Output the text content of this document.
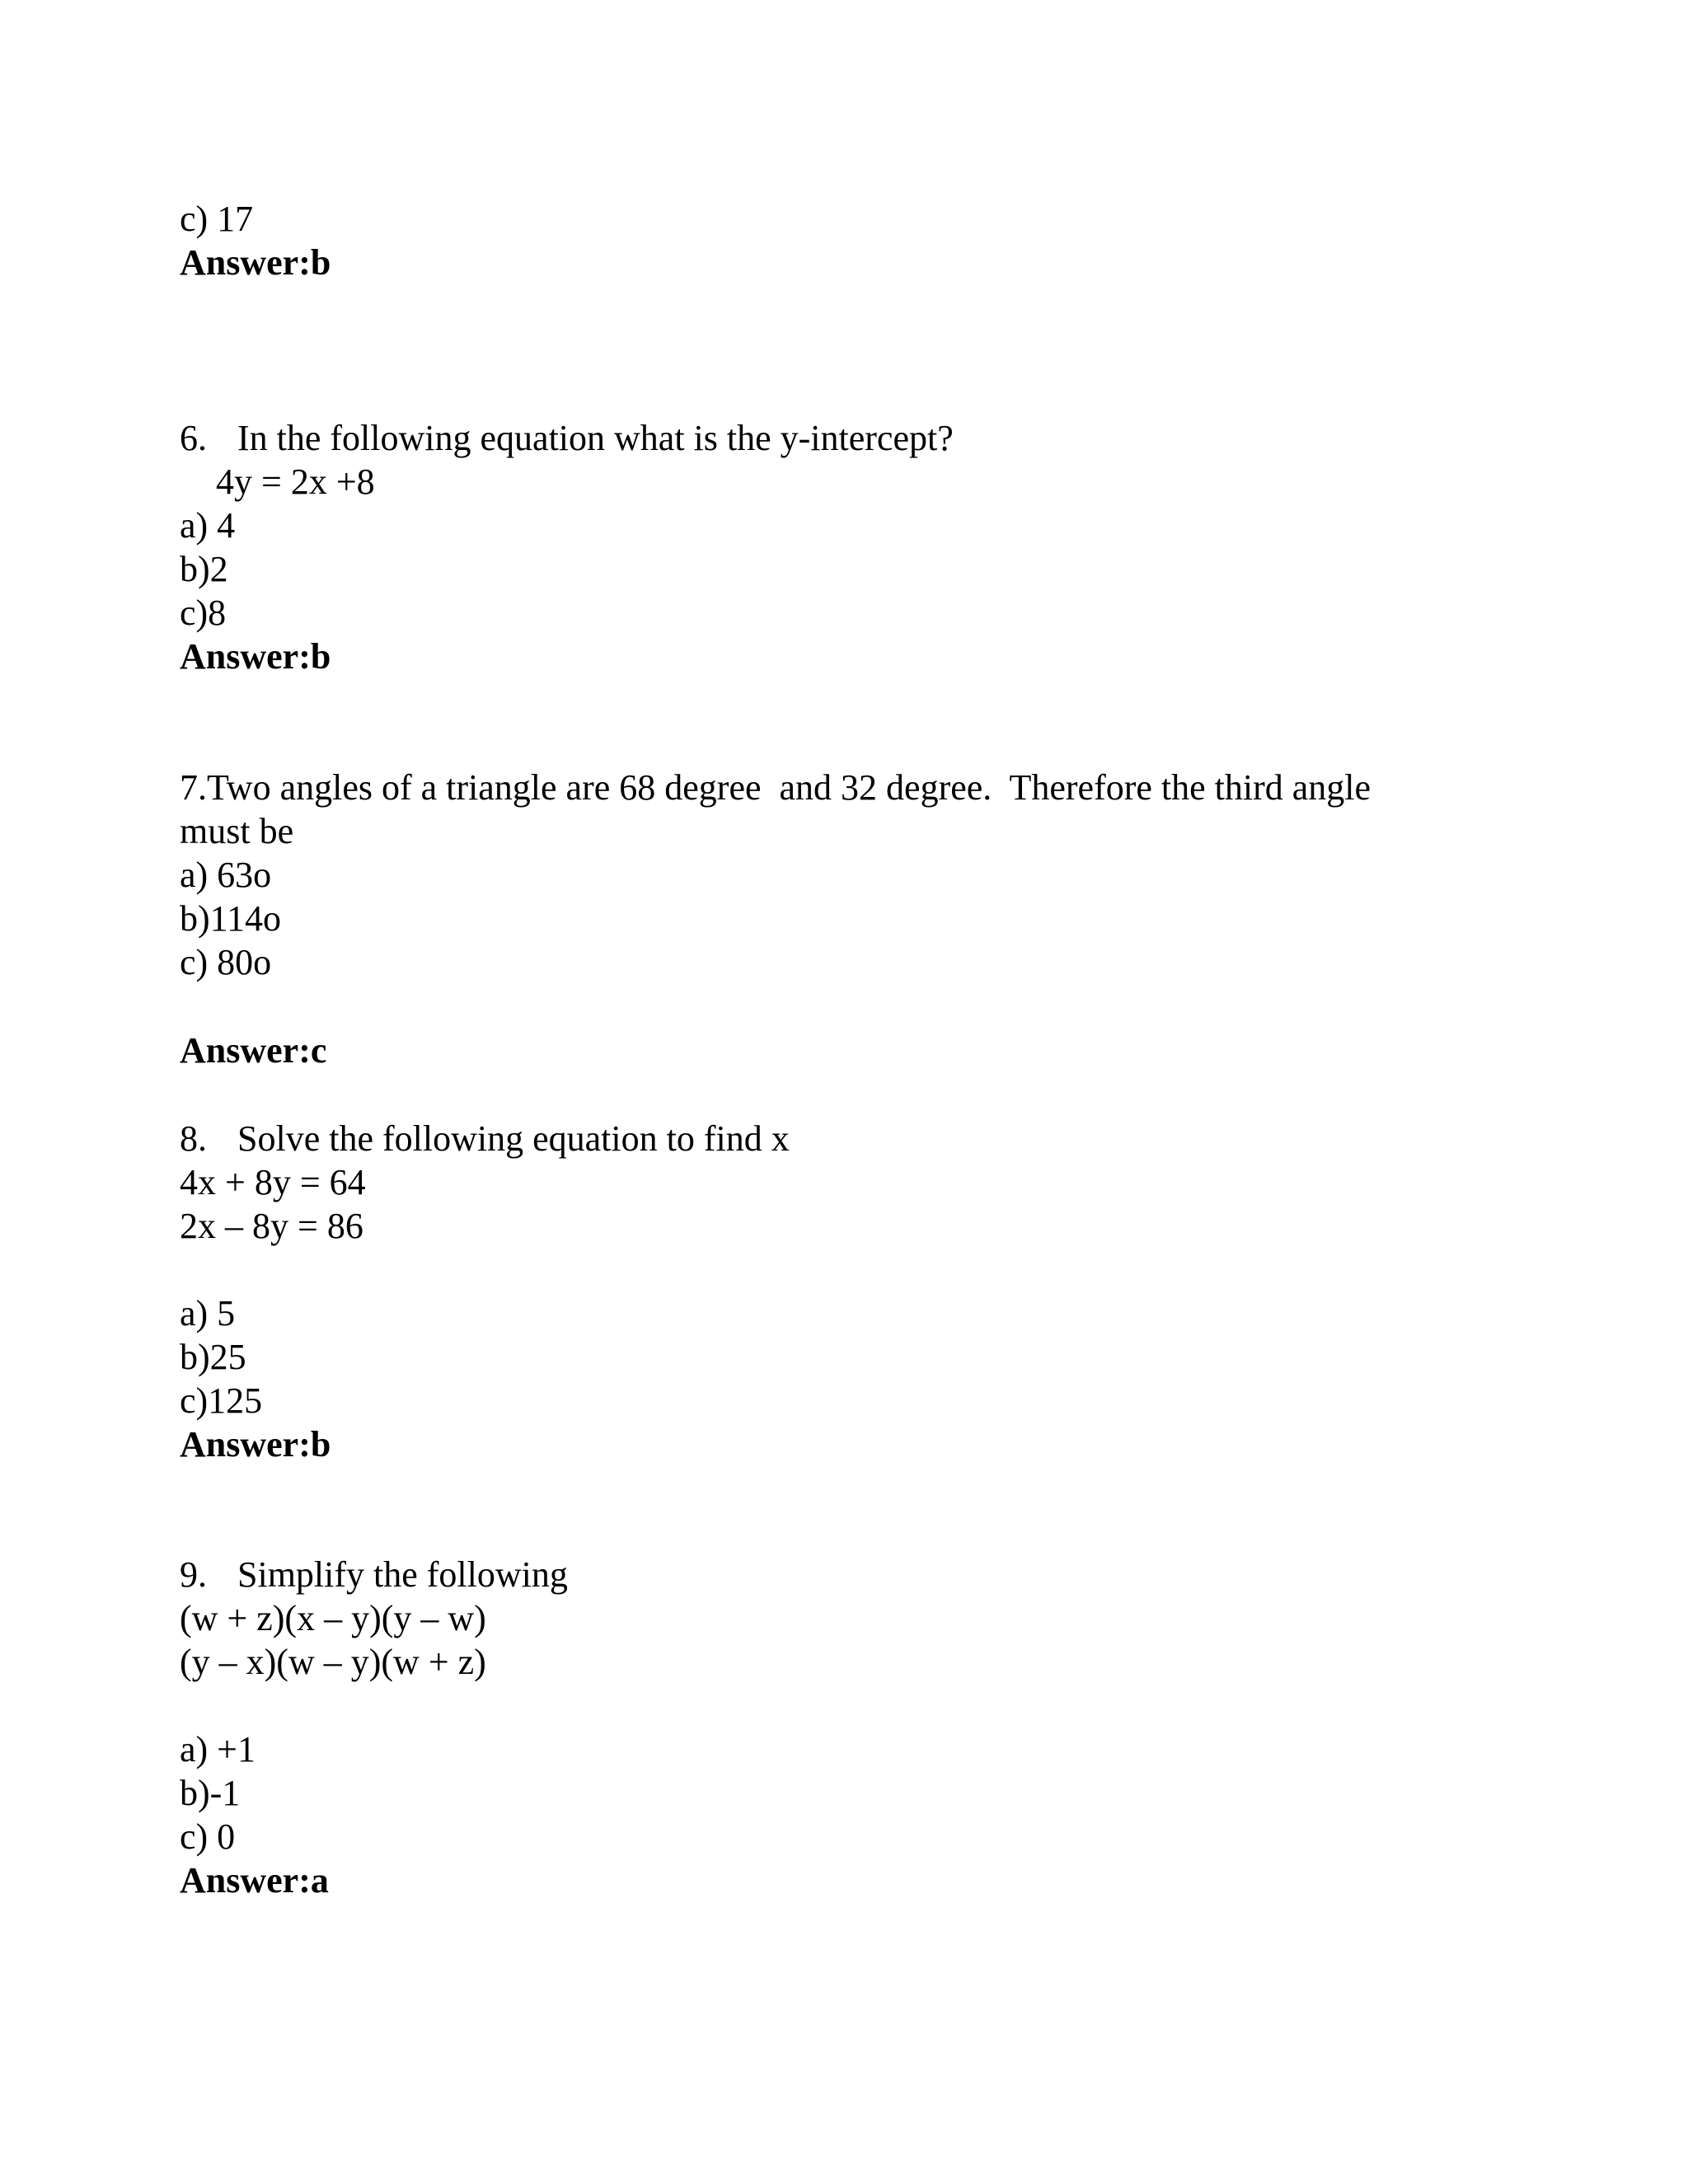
c) 17
Answer:b
6. In the following equation what is the y-intercept?
4y = 2x +8
a) 4
b)2
c)8
Answer:b
7.Two angles of a triangle are 68 degree  and 32 degree.  Therefore the third angle
must be
a) 63o
b)114o
c) 80o
Answer:c
8. Solve the following equation to find x
4x + 8y = 64
2x – 8y = 86
a) 5
b)25
c)125
Answer:b
9. Simplify the following
(w + z)(x – y)(y – w)
(y – x)(w – y)(w + z)
a) +1
b)-1
c) 0
Answer:a
